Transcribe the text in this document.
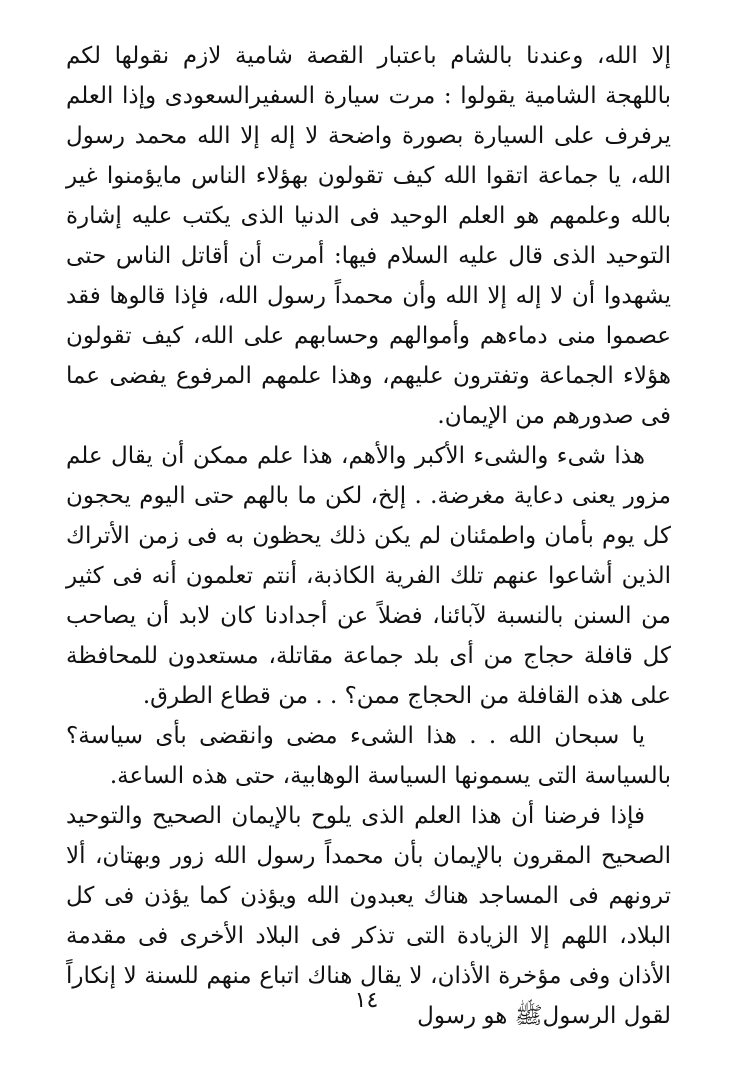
إلا الله، وعندنا بالشام باعتبار القصة شامية لازم نقولها لكم باللهجة الشامية يقولوا : مرت سيارة السفيرالسعودى وإذا العلم يرفرف على السيارة بصورة واضحة لا إله إلا الله محمد رسول الله، يا جماعة اتقوا الله كيف تقولون بهؤلاء الناس مايؤمنوا غير بالله وعلمهم هو العلم الوحيد فى الدنيا الذى يكتب عليه إشارة التوحيد الذى قال عليه السلام فيها: أمرت أن أقاتل الناس حتى يشهدوا أن لا إله إلا الله وأن محمداً رسول الله، فإذا قالوها فقد عصموا منى دماءهم وأموالهم وحسابهم على الله، كيف تقولون هؤلاء الجماعة وتفترون عليهم، وهذا علمهم المرفوع يفضى عما فى صدورهم من الإيمان.

هذا شىء والشىء الأكبر والأهم، هذا علم ممكن أن يقال علم مزور يعنى دعاية مغرضة. . إلخ، لكن ما بالهم حتى اليوم يحجون كل يوم بأمان واطمئنان لم يكن ذلك يحظون به فى زمن الأتراك الذين أشاعوا عنهم تلك الفرية الكاذبة، أنتم تعلمون أنه فى كثير من السنن بالنسبة لآبائنا، فضلاً عن أجدادنا كان لابد أن يصاحب كل قافلة حجاج من أى بلد جماعة مقاتلة، مستعدون للمحافظة على هذه القافلة من الحجاج ممن؟ . . من قطاع الطرق.

يا سبحان الله . . هذا الشىء مضى وانقضى بأى سياسة؟ بالسياسة التى يسمونها السياسة الوهابية، حتى هذه الساعة.

فإذا فرضنا أن هذا العلم الذى يلوح بالإيمان الصحيح والتوحيد الصحيح المقرون بالإيمان بأن محمداً رسول الله زور وبهتان، ألا ترونهم فى المساجد هناك يعبدون الله ويؤذن كما يؤذن فى كل البلاد، اللهم إلا الزيادة التى تذكر فى البلاد الأخرى فى مقدمة الأذان وفى مؤخرة الأذان، لا يقال هناك اتباع منهم للسنة لا إنكاراً لقول الرسولﷺ هو رسول

١٤
